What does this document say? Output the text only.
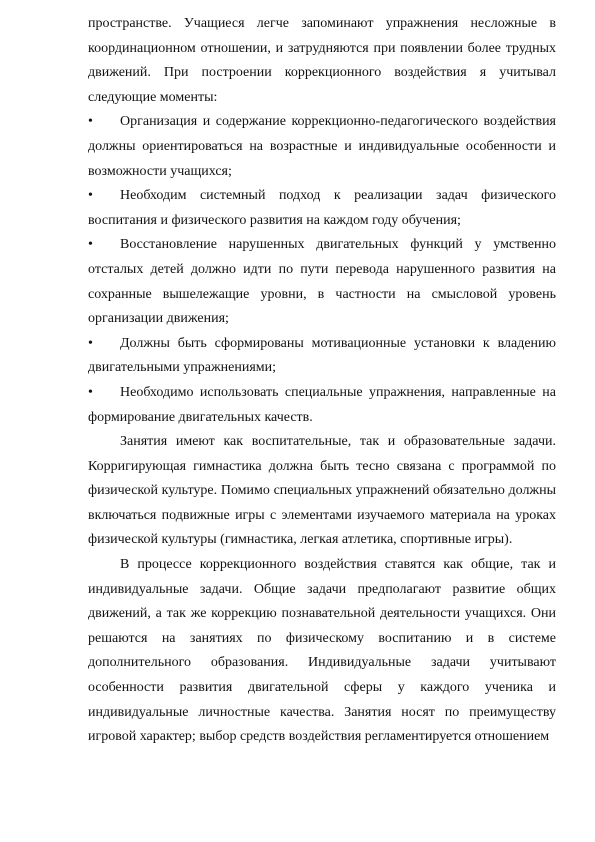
пространстве. Учащиеся легче запоминают упражнения несложные в координационном отношении, и затрудняются при появлении более трудных движений. При построении коррекционного воздействия я учитывал следующие моменты:

• Организация и содержание коррекционно-педагогического воздействия должны ориентироваться на возрастные и индивидуальные особенности и возможности учащихся;

• Необходим системный подход к реализации задач физического воспитания и физического развития на каждом году обучения;

• Восстановление нарушенных двигательных функций у умственно отсталых детей должно идти по пути перевода нарушенного развития на сохранные вышележащие уровни, в частности на смысловой уровень организации движения;

• Должны быть сформированы мотивационные установки к владению двигательными упражнениями;

• Необходимо использовать специальные упражнения, направленные на формирование двигательных качеств.

Занятия имеют как воспитательные, так и образовательные задачи. Корригирующая гимнастика должна быть тесно связана с программой по физической культуре. Помимо специальных упражнений обязательно должны включаться подвижные игры с элементами изучаемого материала на уроках физической культуры (гимнастика, легкая атлетика, спортивные игры).

В процессе коррекционного воздействия ставятся как общие, так и индивидуальные задачи. Общие задачи предполагают развитие общих движений, а так же коррекцию познавательной деятельности учащихся. Они решаются на занятиях по физическому воспитанию и в системе дополнительного образования. Индивидуальные задачи учитывают особенности развития двигательной сферы у каждого ученика и индивидуальные личностные качества. Занятия носят по преимуществу игровой характер; выбор средств воздействия регламентируется отношением
